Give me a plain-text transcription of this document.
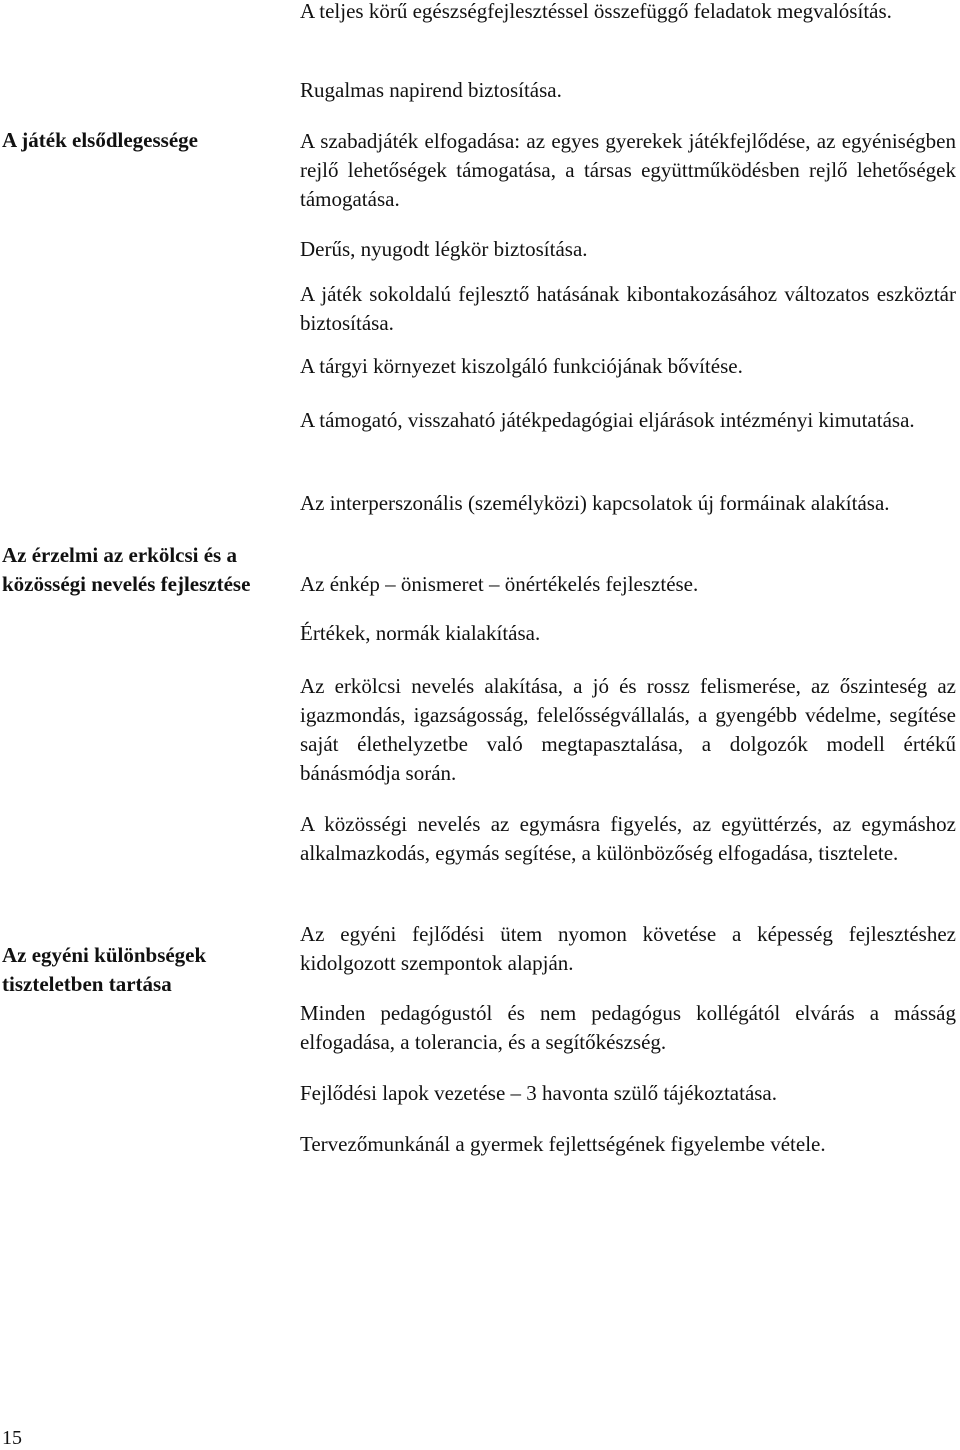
A játék elsődlegessége
Az érzelmi az erkölcsi és a közösségi nevelés fejlesztése
Az egyéni különbségek tiszteletben tartása
A teljes körű egészségfejlesztéssel összefüggő feladatok megvalósítás.
Rugalmas napirend biztosítása.
A szabadjáték elfogadása: az egyes gyerekek játékfejlődése, az egyéniségben rejlő lehetőségek támogatása, a társas együttműködésben rejlő lehetőségek támogatása.
Derűs, nyugodt légkör biztosítása.
A játék sokoldalú fejlesztő hatásának kibontakozásához változatos eszköztár biztosítása.
A tárgyi környezet kiszolgáló funkciójának bővítése.
A támogató, visszaható játékpedagógiai eljárások intézményi kimutatása.
Az interperszonális (személyközi) kapcsolatok új formáinak alakítása.
Az énkép – önismeret – önértékelés fejlesztése.
Értékek, normák kialakítása.
Az erkölcsi nevelés alakítása, a jó és rossz felismerése, az őszinteség az igazmondás, igazságosság, felelősségvállalás, a gyengébb védelme, segítése saját élethelyzetbe való megtapasztalása, a dolgozók modell értékű bánásmódja során.
A közösségi nevelés az egymásra figyelés, az együttérzés, az egymáshoz alkalmazkodás, egymás segítése, a különbözőség elfogadása, tisztelete.
Az egyéni fejlődési ütem nyomon követése a képesség fejlesztéshez kidolgozott szempontok alapján.
Minden pedagógustól és nem pedagógus kollégától elvárás a másság elfogadása, a tolerancia, és a segítőkészség.
Fejlődési lapok vezetése – 3 havonta szülő tájékoztatása.
Tervezőmunkánál a gyermek fejlettségének figyelembe vétele.
15
